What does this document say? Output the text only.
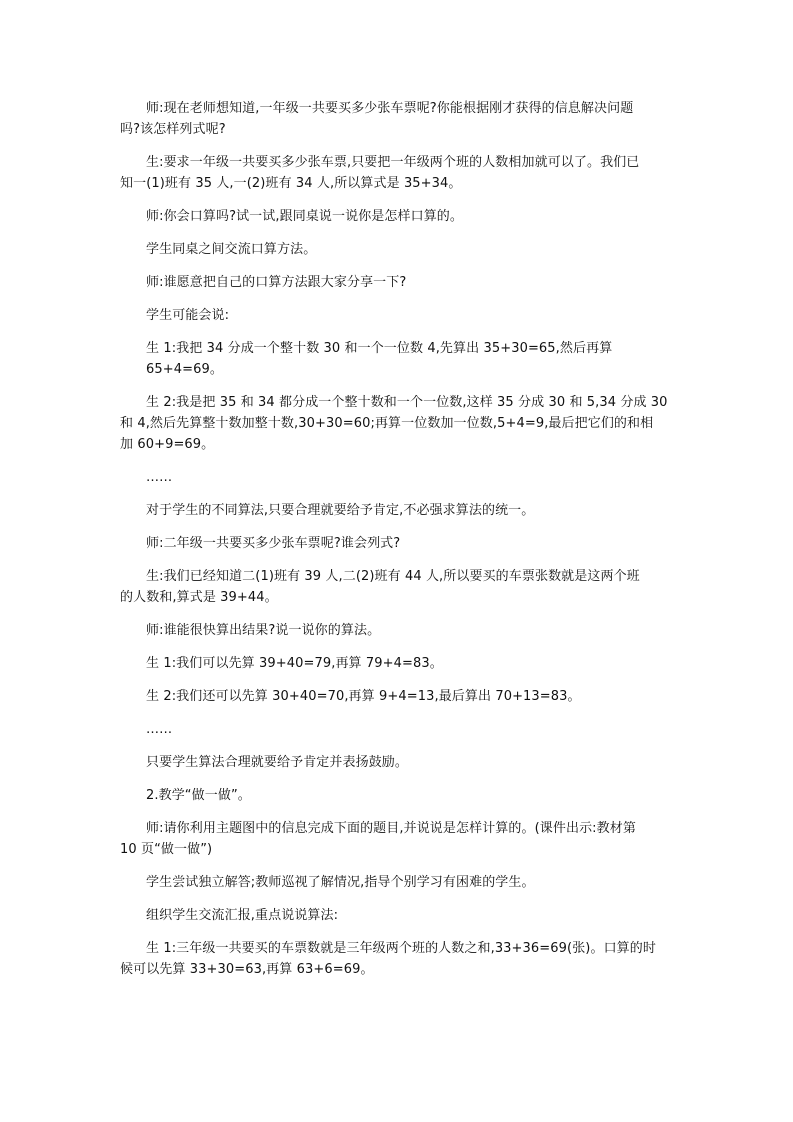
师:现在老师想知道,一年级一共要买多少张车票呢?你能根据刚才获得的信息解决问题
吗?该怎样列式呢?

生:要求一年级一共要买多少张车票,只要把一年级两个班的人数相加就可以了。我们已
知一(1)班有 35 人,一(2)班有 34 人,所以算式是 35+34。

师:你会口算吗?试一试,跟同桌说一说你是怎样口算的。

学生同桌之间交流口算方法。

师:谁愿意把自己的口算方法跟大家分享一下?

学生可能会说:

生 1:我把 34 分成一个整十数 30 和一个一位数 4,先算出 35+30=65,然后再算 65+4=69。

生 2:我是把 35 和 34 都分成一个整十数和一个一位数,这样 35 分成 30 和 5,34 分成 30
和 4,然后先算整十数加整十数,30+30=60;再算一位数加一位数,5+4=9,最后把它们的和相
加 60+9=69。

……

对于学生的不同算法,只要合理就要给予肯定,不必强求算法的统一。

师:二年级一共要买多少张车票呢?谁会列式?

生:我们已经知道二(1)班有 39 人,二(2)班有 44 人,所以要买的车票张数就是这两个班
的人数和,算式是 39+44。

师:谁能很快算出结果?说一说你的算法。

生 1:我们可以先算 39+40=79,再算 79+4=83。

生 2:我们还可以先算 30+40=70,再算 9+4=13,最后算出 70+13=83。

……

只要学生算法合理就要给予肯定并表扬鼓励。

2.教学“做一做”。

师:请你利用主题图中的信息完成下面的题目,并说说是怎样计算的。(课件出示:教材第
10 页“做一做”)

学生尝试独立解答;教师巡视了解情况,指导个别学习有困难的学生。

组织学生交流汇报,重点说说算法:

生 1:三年级一共要买的车票数就是三年级两个班的人数之和,33+36=69(张)。口算的时
候可以先算 33+30=63,再算 63+6=69。
